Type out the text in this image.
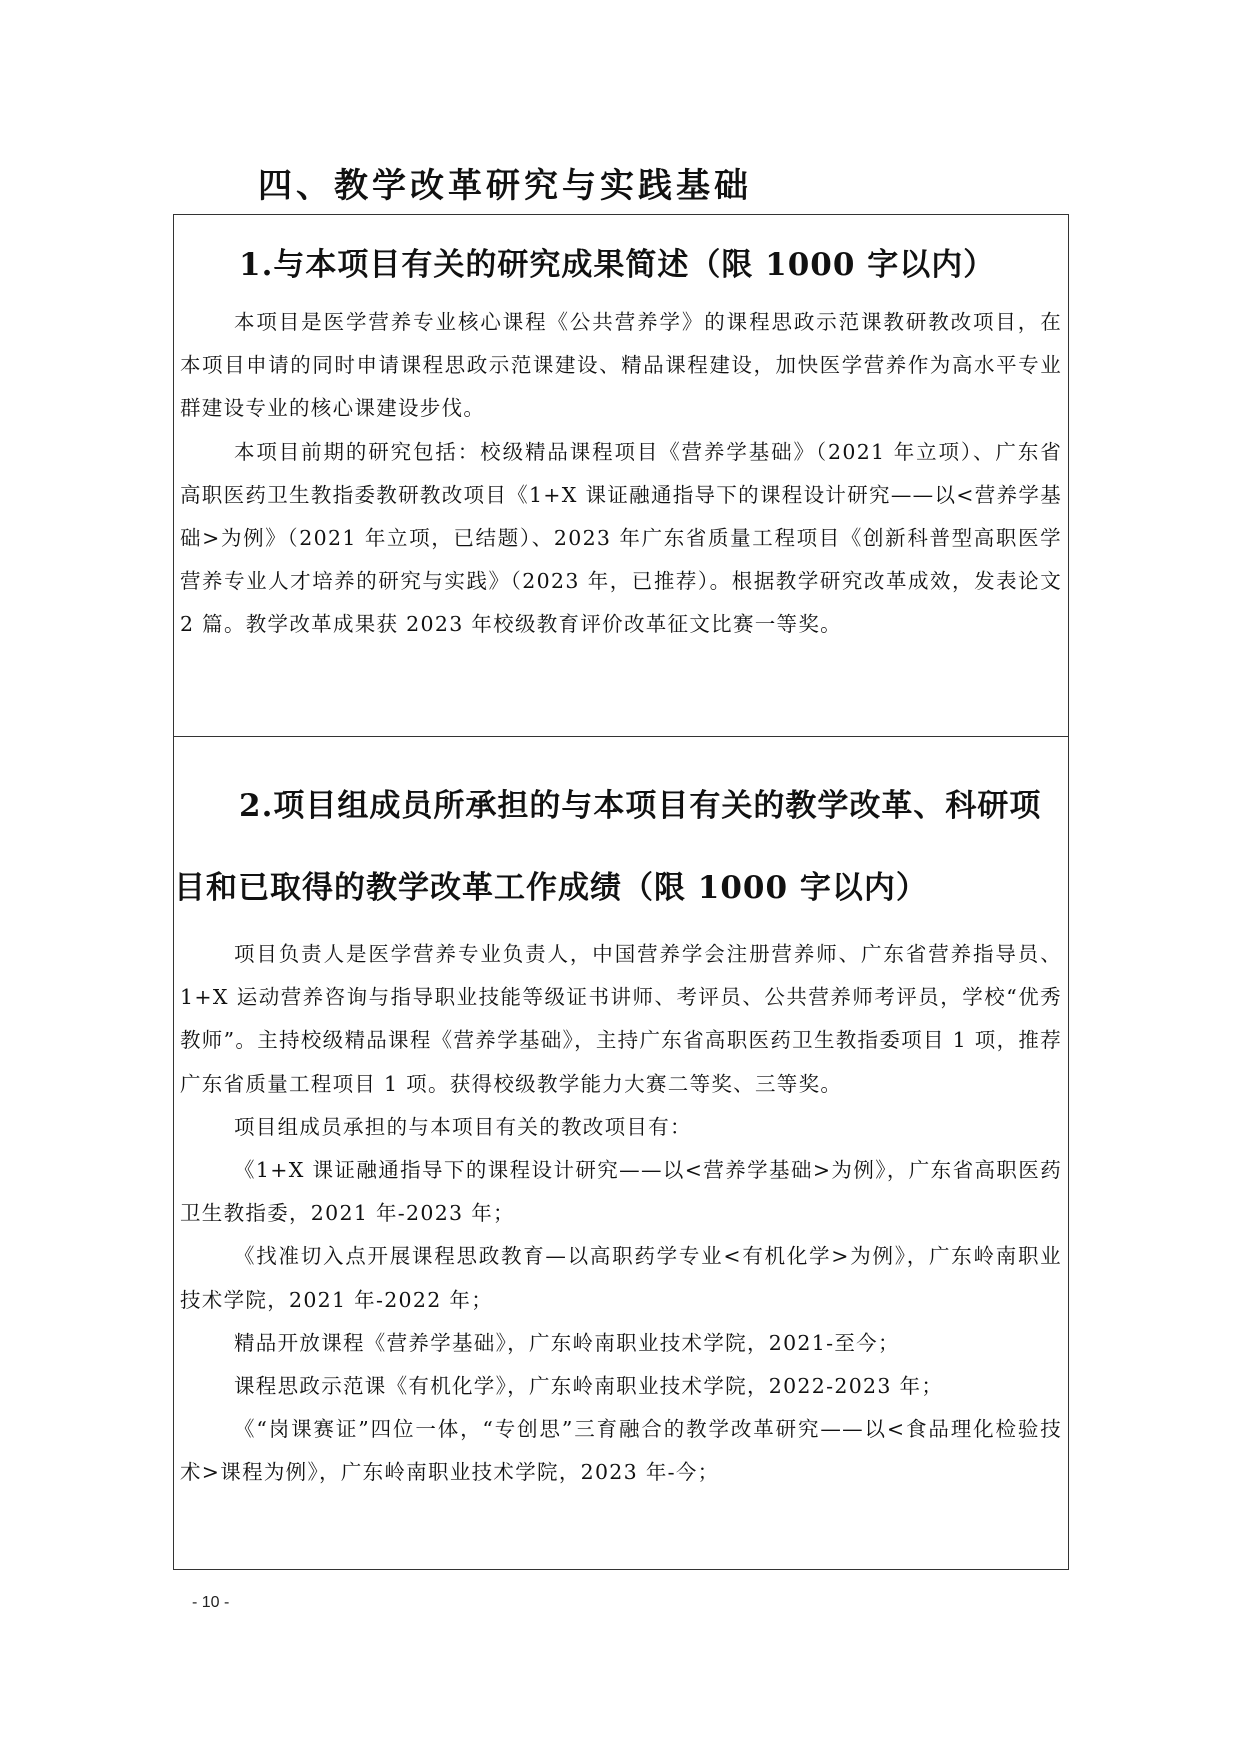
四、教学改革研究与实践基础
1.与本项目有关的研究成果简述（限 1000 字以内）

本项目是医学营养专业核心课程《公共营养学》的课程思政示范课教研教改项目，在本项目申请的同时申请课程思政示范课建设、精品课程建设，加快医学营养作为高水平专业群建设专业的核心课建设步伐。

本项目前期的研究包括：校级精品课程项目《营养学基础》（2021 年立项）、广东省高职医药卫生教指委教研教改项目《1+X 课证融通指导下的课程设计研究——以<营养学基础>为例》（2021 年立项，已结题）、2023 年广东省质量工程项目《创新科普型高职医学营养专业人才培养的研究与实践》（2023 年，已推荐）。根据教学研究改革成效，发表论文 2 篇。教学改革成果获 2023 年校级教育评价改革征文比赛一等奖。

2.项目组成员所承担的与本项目有关的教学改革、科研项目和已取得的教学改革工作成绩（限 1000 字以内）

项目负责人是医学营养专业负责人，中国营养学会注册营养师、广东省营养指导员、1+X 运动营养咨询与指导职业技能等级证书讲师、考评员、公共营养师考评员，学校“优秀教师”。主持校级精品课程《营养学基础》，主持广东省高职医药卫生教指委项目 1 项，推荐广东省质量工程项目 1 项。获得校级教学能力大赛二等奖、三等奖。

项目组成员承担的与本项目有关的教改项目有：

《1+X 课证融通指导下的课程设计研究——以<营养学基础>为例》，广东省高职医药卫生教指委，2021 年-2023 年；

《找准切入点开展课程思政教育—以高职药学专业<有机化学>为例》，广东岭南职业技术学院，2021 年-2022 年；

精品开放课程《营养学基础》，广东岭南职业技术学院，2021-至今；

课程思政示范课《有机化学》，广东岭南职业技术学院，2022-2023 年；

《“岗课赛证”四位一体，“专创思”三育融合的教学改革研究——以<食品理化检验技术>课程为例》，广东岭南职业技术学院，2023 年-今；

- 10 -
